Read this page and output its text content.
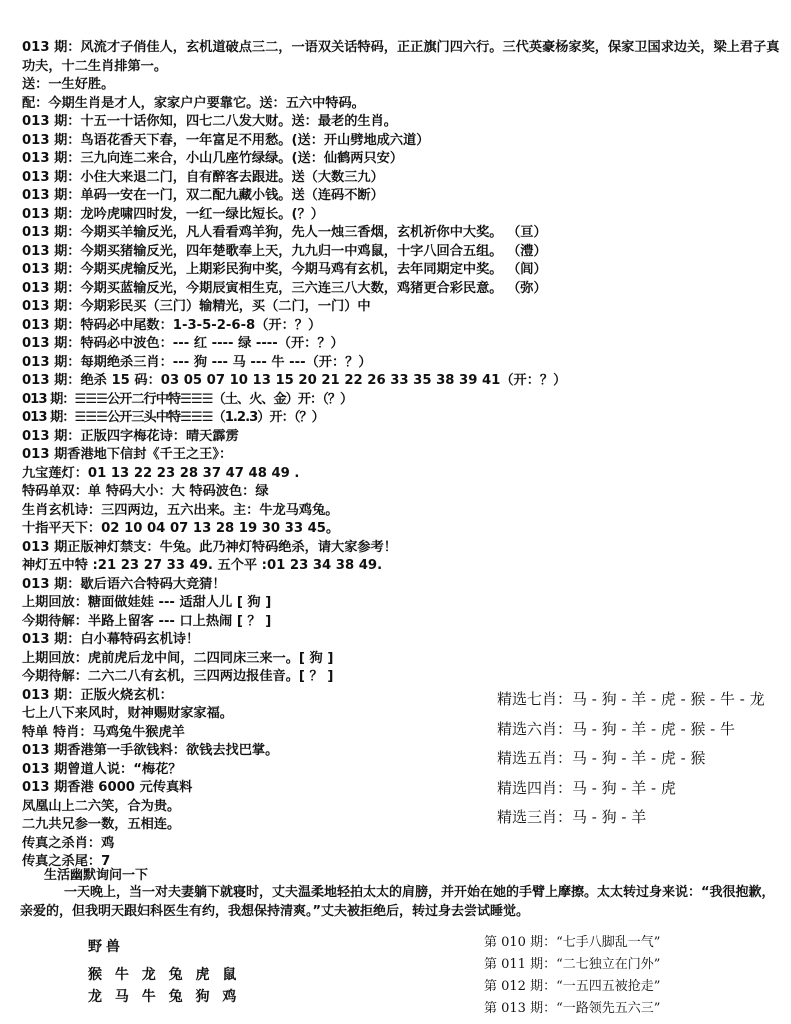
013 期：风流才子俏佳人，玄机道破点三二，一语双关话特码，正正旗门四六行。三代英豪杨家奖，保家卫国求边关，梁上君子真功夫，十二生肖排第一。
送：一生好胜。
配：今期生肖是才人，家家户户要靠它。送：五六中特码。
013 期：十五一十话你知，四七二八发大财。送：最老的生肖。
013 期：鸟语花香天下春，一年富足不用愁。(送：开山劈地成六道）
013 期：三九向连二来合，小山几座竹绿绿。(送：仙鹤两只安）
013 期：小住大来退二门，自有醉客去跟进。送（大数三九）
013 期：单码一安在一门，双二配九藏小钱。送（连码不断）
013 期：龙吟虎啸四时发，一红一绿比短长。(？）
013 期：今期买羊输反光，凡人看看鸡羊狗，先人一烛三香烟，玄机祈你中大奖。 （亘）
013 期：今期买猪输反光，四年楚歌奉上天，九九归一中鸡鼠，十字八回合五组。 （澧）
013 期：今期买虎输反光，上期彩民狗中奖，今期马鸡有玄机，去年同期定中奖。 （闾）
013 期：今期买蓝输反光，今期辰寅相生克，三六连三八大数，鸡猪更合彩民意。 （弥）
013 期：今期彩民买（三门）输精光，买（二门，一门）中
013 期：特码必中尾数：1-3-5-2-6-8（开：？）
013 期：特码必中波色：--- 红 ---- 绿 ----（开：？）
013 期：每期绝杀三肖：--- 狗 --- 马 --- 牛 ---（开：？）
013 期：绝杀 15 码：03 05 07 10 13 15 20 21 22 26 33 35 38 39 41（开：？）
013 期：☰☰☰公开二行中特☰☰☰（土、火、金）开：（？）
013 期：☰☰☰公开三头中特☰☰☰（1.2.3）开：（？）
013 期：正版四字梅花诗：晴天霹雳
013 期香港地下信封《千王之王》：
九宝莲灯：01 13 22 23 28 37 47 48 49 .
特码单双：单 特码大小：大 特码波色：绿
生肖玄机诗：三四两边，五六出来。主：牛龙马鸡兔。
十指平天下：02 10 04 07 13 28 19 30 33 45。
013 期正版神灯禁支：牛兔。此乃神灯特码绝杀，请大家参考！
神灯五中特 :21 23 27 33 49. 五个平 :01 23 34 38 49.
013 期：歇后语六合特码大竞猜！
上期回放：糖面做娃娃 --- 适甜人儿 [ 狗 ]
今期待解：半路上留客 --- 口上热闹 [ ？ ]
013 期：白小幕特码玄机诗！
上期回放：虎前虎后龙中间，二四同床三来一。[ 狗 ]
今期待解：二六二八有玄机，三四两边报佳音。[ ？ ]
013 期：正版火烧玄机：
七上八下来风时，财神赐财家家福。
特单 特肖：马鸡兔牛猴虎羊
013 期香港第一手欲钱料：欲钱去找巴掌。
013 期曾道人说：“梅花？
013 期香港 6000 元传真料
凤凰山上二六笑，合为贵。
二九共兄参一数，五相连。
传真之杀肖：鸡
传真之杀尾：7
精选七肖：马 - 狗 - 羊 - 虎 - 猴 - 牛 - 龙
精选六肖：马 - 狗 - 羊 - 虎 - 猴 - 牛
精选五肖：马 - 狗 - 羊 - 虎 - 猴
精选四肖：马 - 狗 - 羊 - 虎
精选三肖：马 - 狗 - 羊
生活幽默询问一下
一天晚上，当一对夫妻躺下就寝时，丈夫温柔地轻拍太太的肩膀，并开始在她的手臂上摩擦。太太转过身来说：“我很抱歉，亲爱的，但我明天跟妇科医生有约，我想保持清爽。”丈夫被拒绝后，转过身去尝试睡觉。
野兽
猴 牛 龙 兔 虎 鼠
龙 马 牛 兔 狗 鸡
第 010 期：“七手八脚乱一气”
第 011 期：“二七独立在门外”
第 012 期：“一五四五被抢走”
第 013 期：“一路领先五六三”
